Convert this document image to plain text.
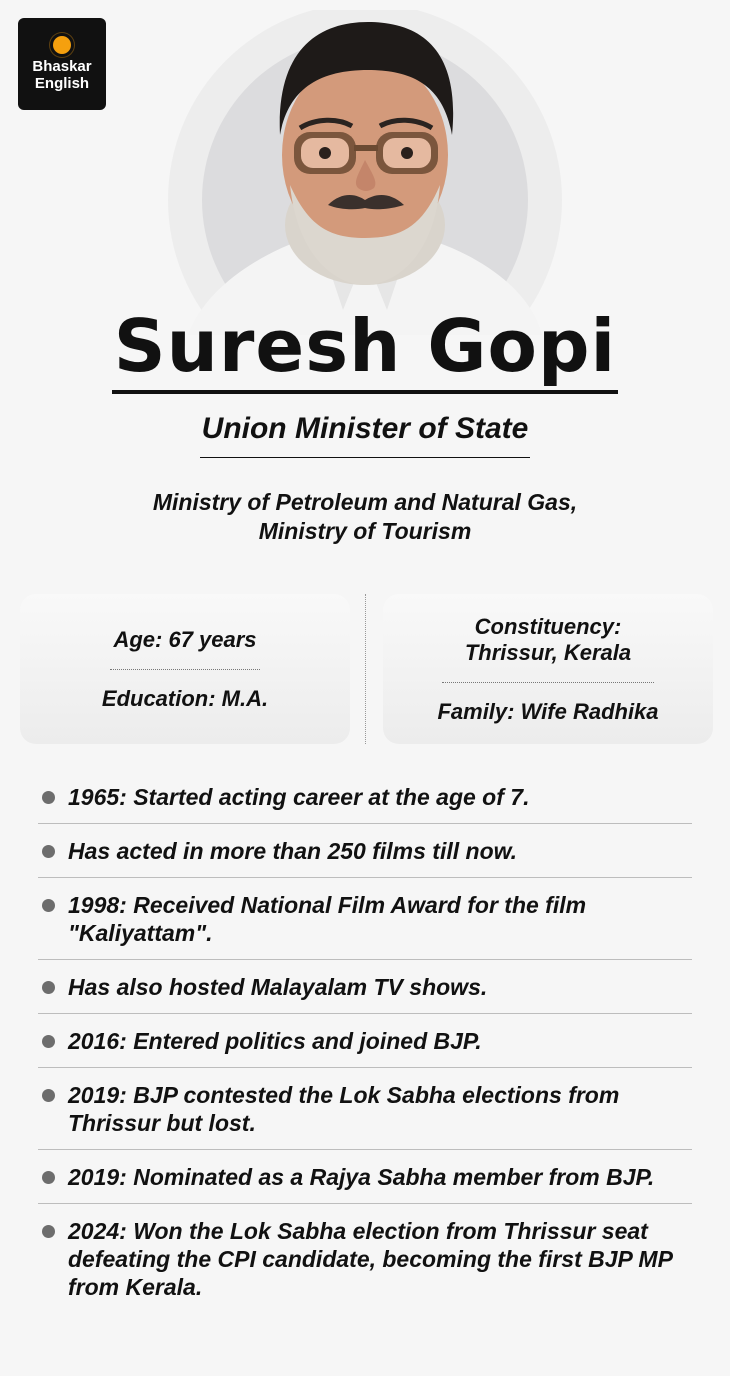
Bhaskar
English
Suresh Gopi
Union Minister of State
Ministry of Petroleum and Natural Gas,
Ministry of Tourism
Age: 67 years
Education: M.A.
Constituency:
Thrissur, Kerala
Family: Wife Radhika
1965: Started acting career at the age of 7.
Has acted in more than 250 films till now.
1998: Received National Film Award for the film "Kaliyattam".
Has also hosted Malayalam TV shows.
2016: Entered politics and joined BJP.
2019: BJP contested the Lok Sabha elections from Thrissur but lost.
2019: Nominated as a Rajya Sabha member from BJP.
2024: Won the Lok Sabha election from Thrissur seat defeating the CPI candidate, becoming the first BJP MP from Kerala.
